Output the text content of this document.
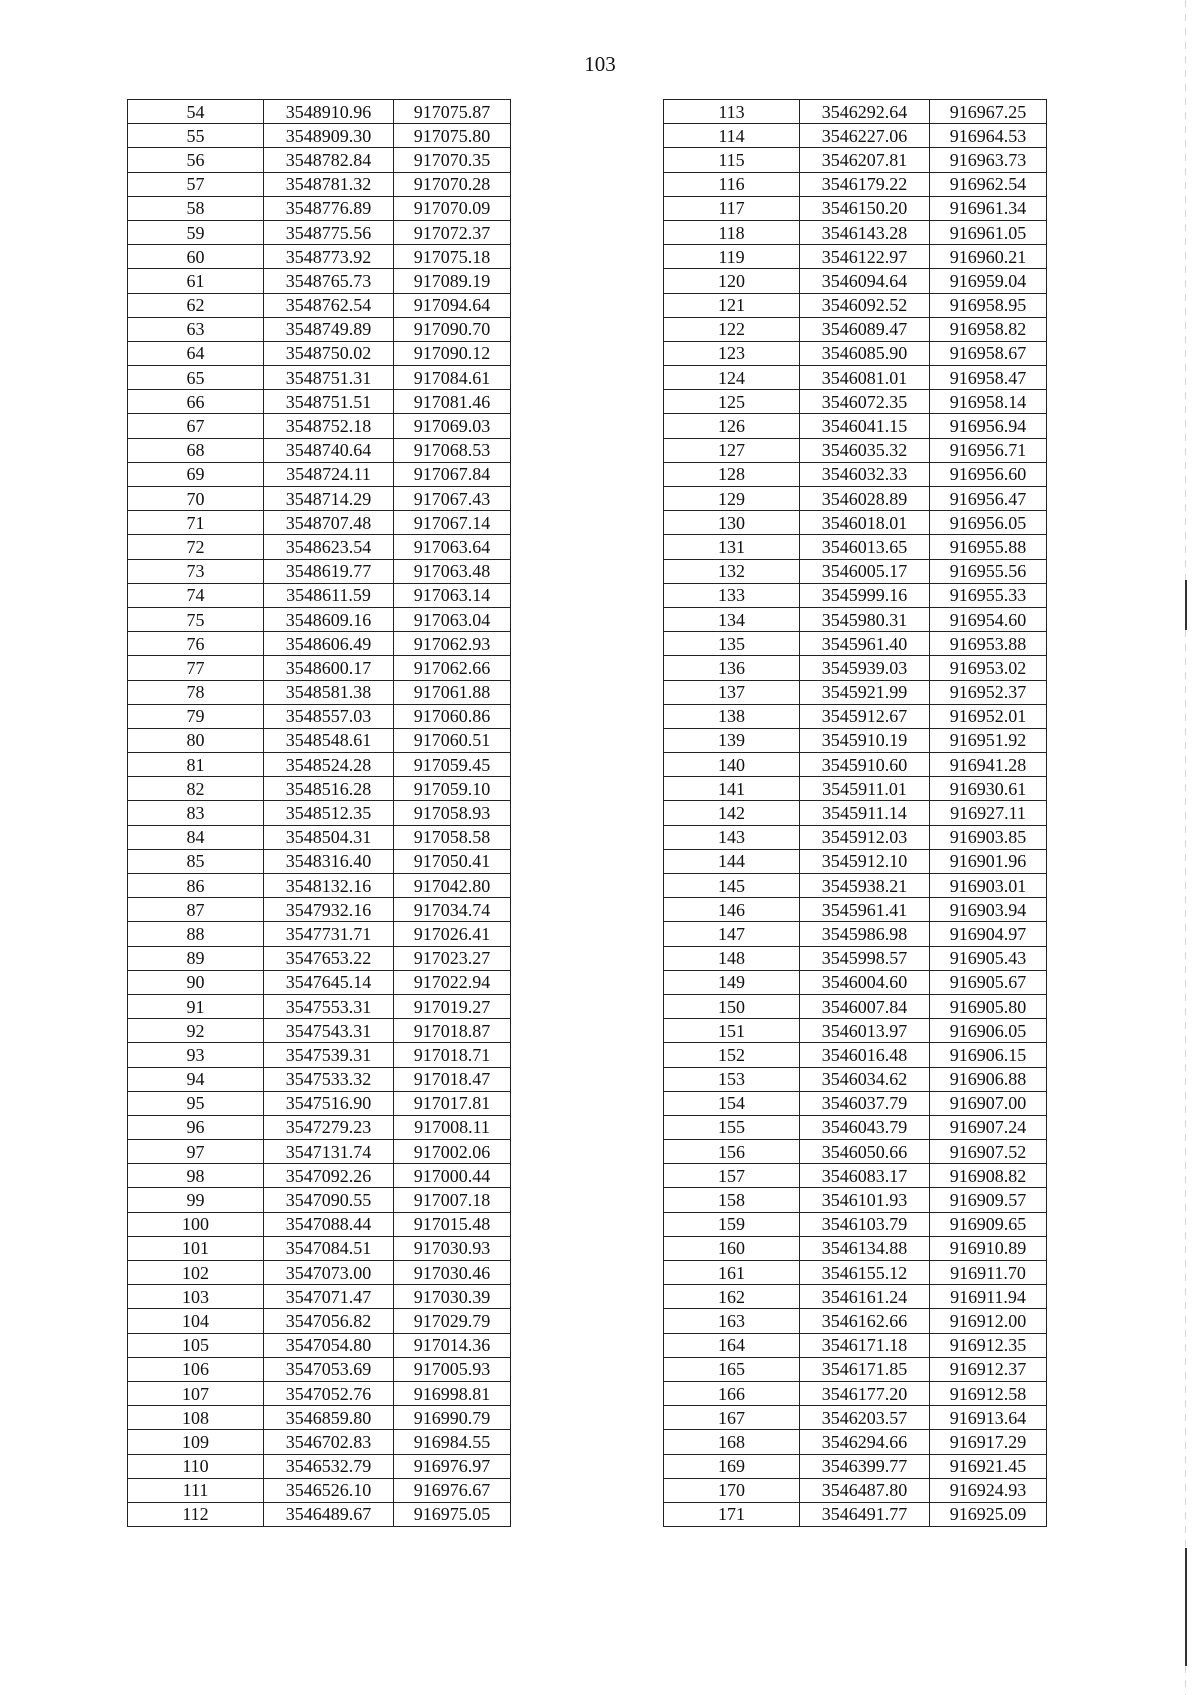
103
54	3548910.96	917075.87
55	3548909.30	917075.80
56	3548782.84	917070.35
57	3548781.32	917070.28
58	3548776.89	917070.09
59	3548775.56	917072.37
60	3548773.92	917075.18
61	3548765.73	917089.19
62	3548762.54	917094.64
63	3548749.89	917090.70
64	3548750.02	917090.12
65	3548751.31	917084.61
66	3548751.51	917081.46
67	3548752.18	917069.03
68	3548740.64	917068.53
69	3548724.11	917067.84
70	3548714.29	917067.43
71	3548707.48	917067.14
72	3548623.54	917063.64
73	3548619.77	917063.48
74	3548611.59	917063.14
75	3548609.16	917063.04
76	3548606.49	917062.93
77	3548600.17	917062.66
78	3548581.38	917061.88
79	3548557.03	917060.86
80	3548548.61	917060.51
81	3548524.28	917059.45
82	3548516.28	917059.10
83	3548512.35	917058.93
84	3548504.31	917058.58
85	3548316.40	917050.41
86	3548132.16	917042.80
87	3547932.16	917034.74
88	3547731.71	917026.41
89	3547653.22	917023.27
90	3547645.14	917022.94
91	3547553.31	917019.27
92	3547543.31	917018.87
93	3547539.31	917018.71
94	3547533.32	917018.47
95	3547516.90	917017.81
96	3547279.23	917008.11
97	3547131.74	917002.06
98	3547092.26	917000.44
99	3547090.55	917007.18
100	3547088.44	917015.48
101	3547084.51	917030.93
102	3547073.00	917030.46
103	3547071.47	917030.39
104	3547056.82	917029.79
105	3547054.80	917014.36
106	3547053.69	917005.93
107	3547052.76	916998.81
108	3546859.80	916990.79
109	3546702.83	916984.55
110	3546532.79	916976.97
111	3546526.10	916976.67
112	3546489.67	916975.05
113	3546292.64	916967.25
114	3546227.06	916964.53
115	3546207.81	916963.73
116	3546179.22	916962.54
117	3546150.20	916961.34
118	3546143.28	916961.05
119	3546122.97	916960.21
120	3546094.64	916959.04
121	3546092.52	916958.95
122	3546089.47	916958.82
123	3546085.90	916958.67
124	3546081.01	916958.47
125	3546072.35	916958.14
126	3546041.15	916956.94
127	3546035.32	916956.71
128	3546032.33	916956.60
129	3546028.89	916956.47
130	3546018.01	916956.05
131	3546013.65	916955.88
132	3546005.17	916955.56
133	3545999.16	916955.33
134	3545980.31	916954.60
135	3545961.40	916953.88
136	3545939.03	916953.02
137	3545921.99	916952.37
138	3545912.67	916952.01
139	3545910.19	916951.92
140	3545910.60	916941.28
141	3545911.01	916930.61
142	3545911.14	916927.11
143	3545912.03	916903.85
144	3545912.10	916901.96
145	3545938.21	916903.01
146	3545961.41	916903.94
147	3545986.98	916904.97
148	3545998.57	916905.43
149	3546004.60	916905.67
150	3546007.84	916905.80
151	3546013.97	916906.05
152	3546016.48	916906.15
153	3546034.62	916906.88
154	3546037.79	916907.00
155	3546043.79	916907.24
156	3546050.66	916907.52
157	3546083.17	916908.82
158	3546101.93	916909.57
159	3546103.79	916909.65
160	3546134.88	916910.89
161	3546155.12	916911.70
162	3546161.24	916911.94
163	3546162.66	916912.00
164	3546171.18	916912.35
165	3546171.85	916912.37
166	3546177.20	916912.58
167	3546203.57	916913.64
168	3546294.66	916917.29
169	3546399.77	916921.45
170	3546487.80	916924.93
171	3546491.77	916925.09
